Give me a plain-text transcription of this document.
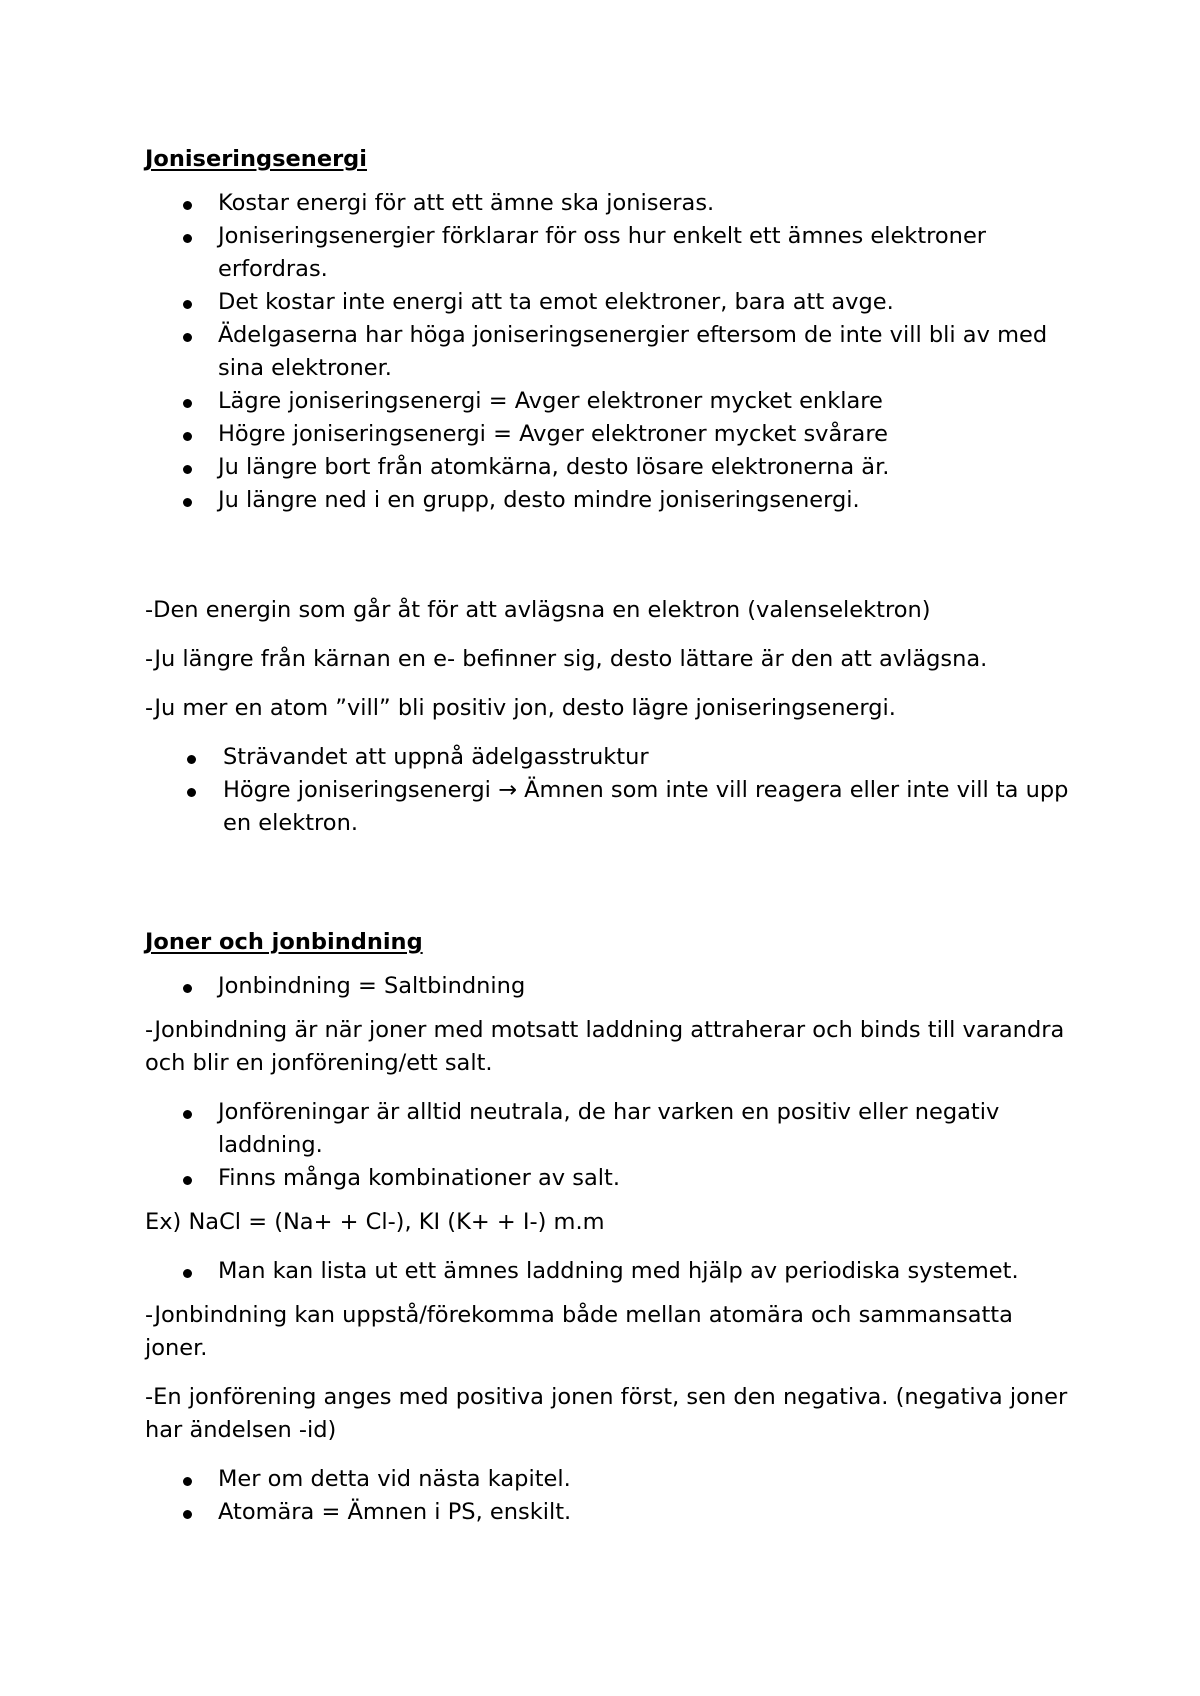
Joniseringsenergi
Kostar energi för att ett ämne ska joniseras.
Joniseringsenergier förklarar för oss hur enkelt ett ämnes elektroner erfordras.
Det kostar inte energi att ta emot elektroner, bara att avge.
Ädelgaserna har höga joniseringsenergier eftersom de inte vill bli av med sina elektroner.
Lägre joniseringsenergi = Avger elektroner mycket enklare
Högre joniseringsenergi = Avger elektroner mycket svårare
Ju längre bort från atomkärna, desto lösare elektronerna är.
Ju längre ned i en grupp, desto mindre joniseringsenergi.

-Den energin som går åt för att avlägsna en elektron (valenselektron)

-Ju längre från kärnan en e- befinner sig, desto lättare är den att avlägsna.

-Ju mer en atom ”vill” bli positiv jon, desto lägre joniseringsenergi.

Strävandet att uppnå ädelgasstruktur
Högre joniseringsenergi → Ämnen som inte vill reagera eller inte vill ta upp en elektron.
Joner och jonbindning
Jonbindning = Saltbindning

-Jonbindning är när joner med motsatt laddning attraherar och binds till varandra och blir en jonförening/ett salt.

Jonföreningar är alltid neutrala, de har varken en positiv eller negativ laddning.
Finns många kombinationer av salt.

Ex) NaCl = (Na+ + Cl-), KI (K+ + I-) m.m

Man kan lista ut ett ämnes laddning med hjälp av periodiska systemet.

-Jonbindning kan uppstå/förekomma både mellan atomära och sammansatta joner.

-En jonförening anges med positiva jonen först, sen den negativa. (negativa joner har ändelsen -id)

Mer om detta vid nästa kapitel.
Atomära = Ämnen i PS, enskilt.
